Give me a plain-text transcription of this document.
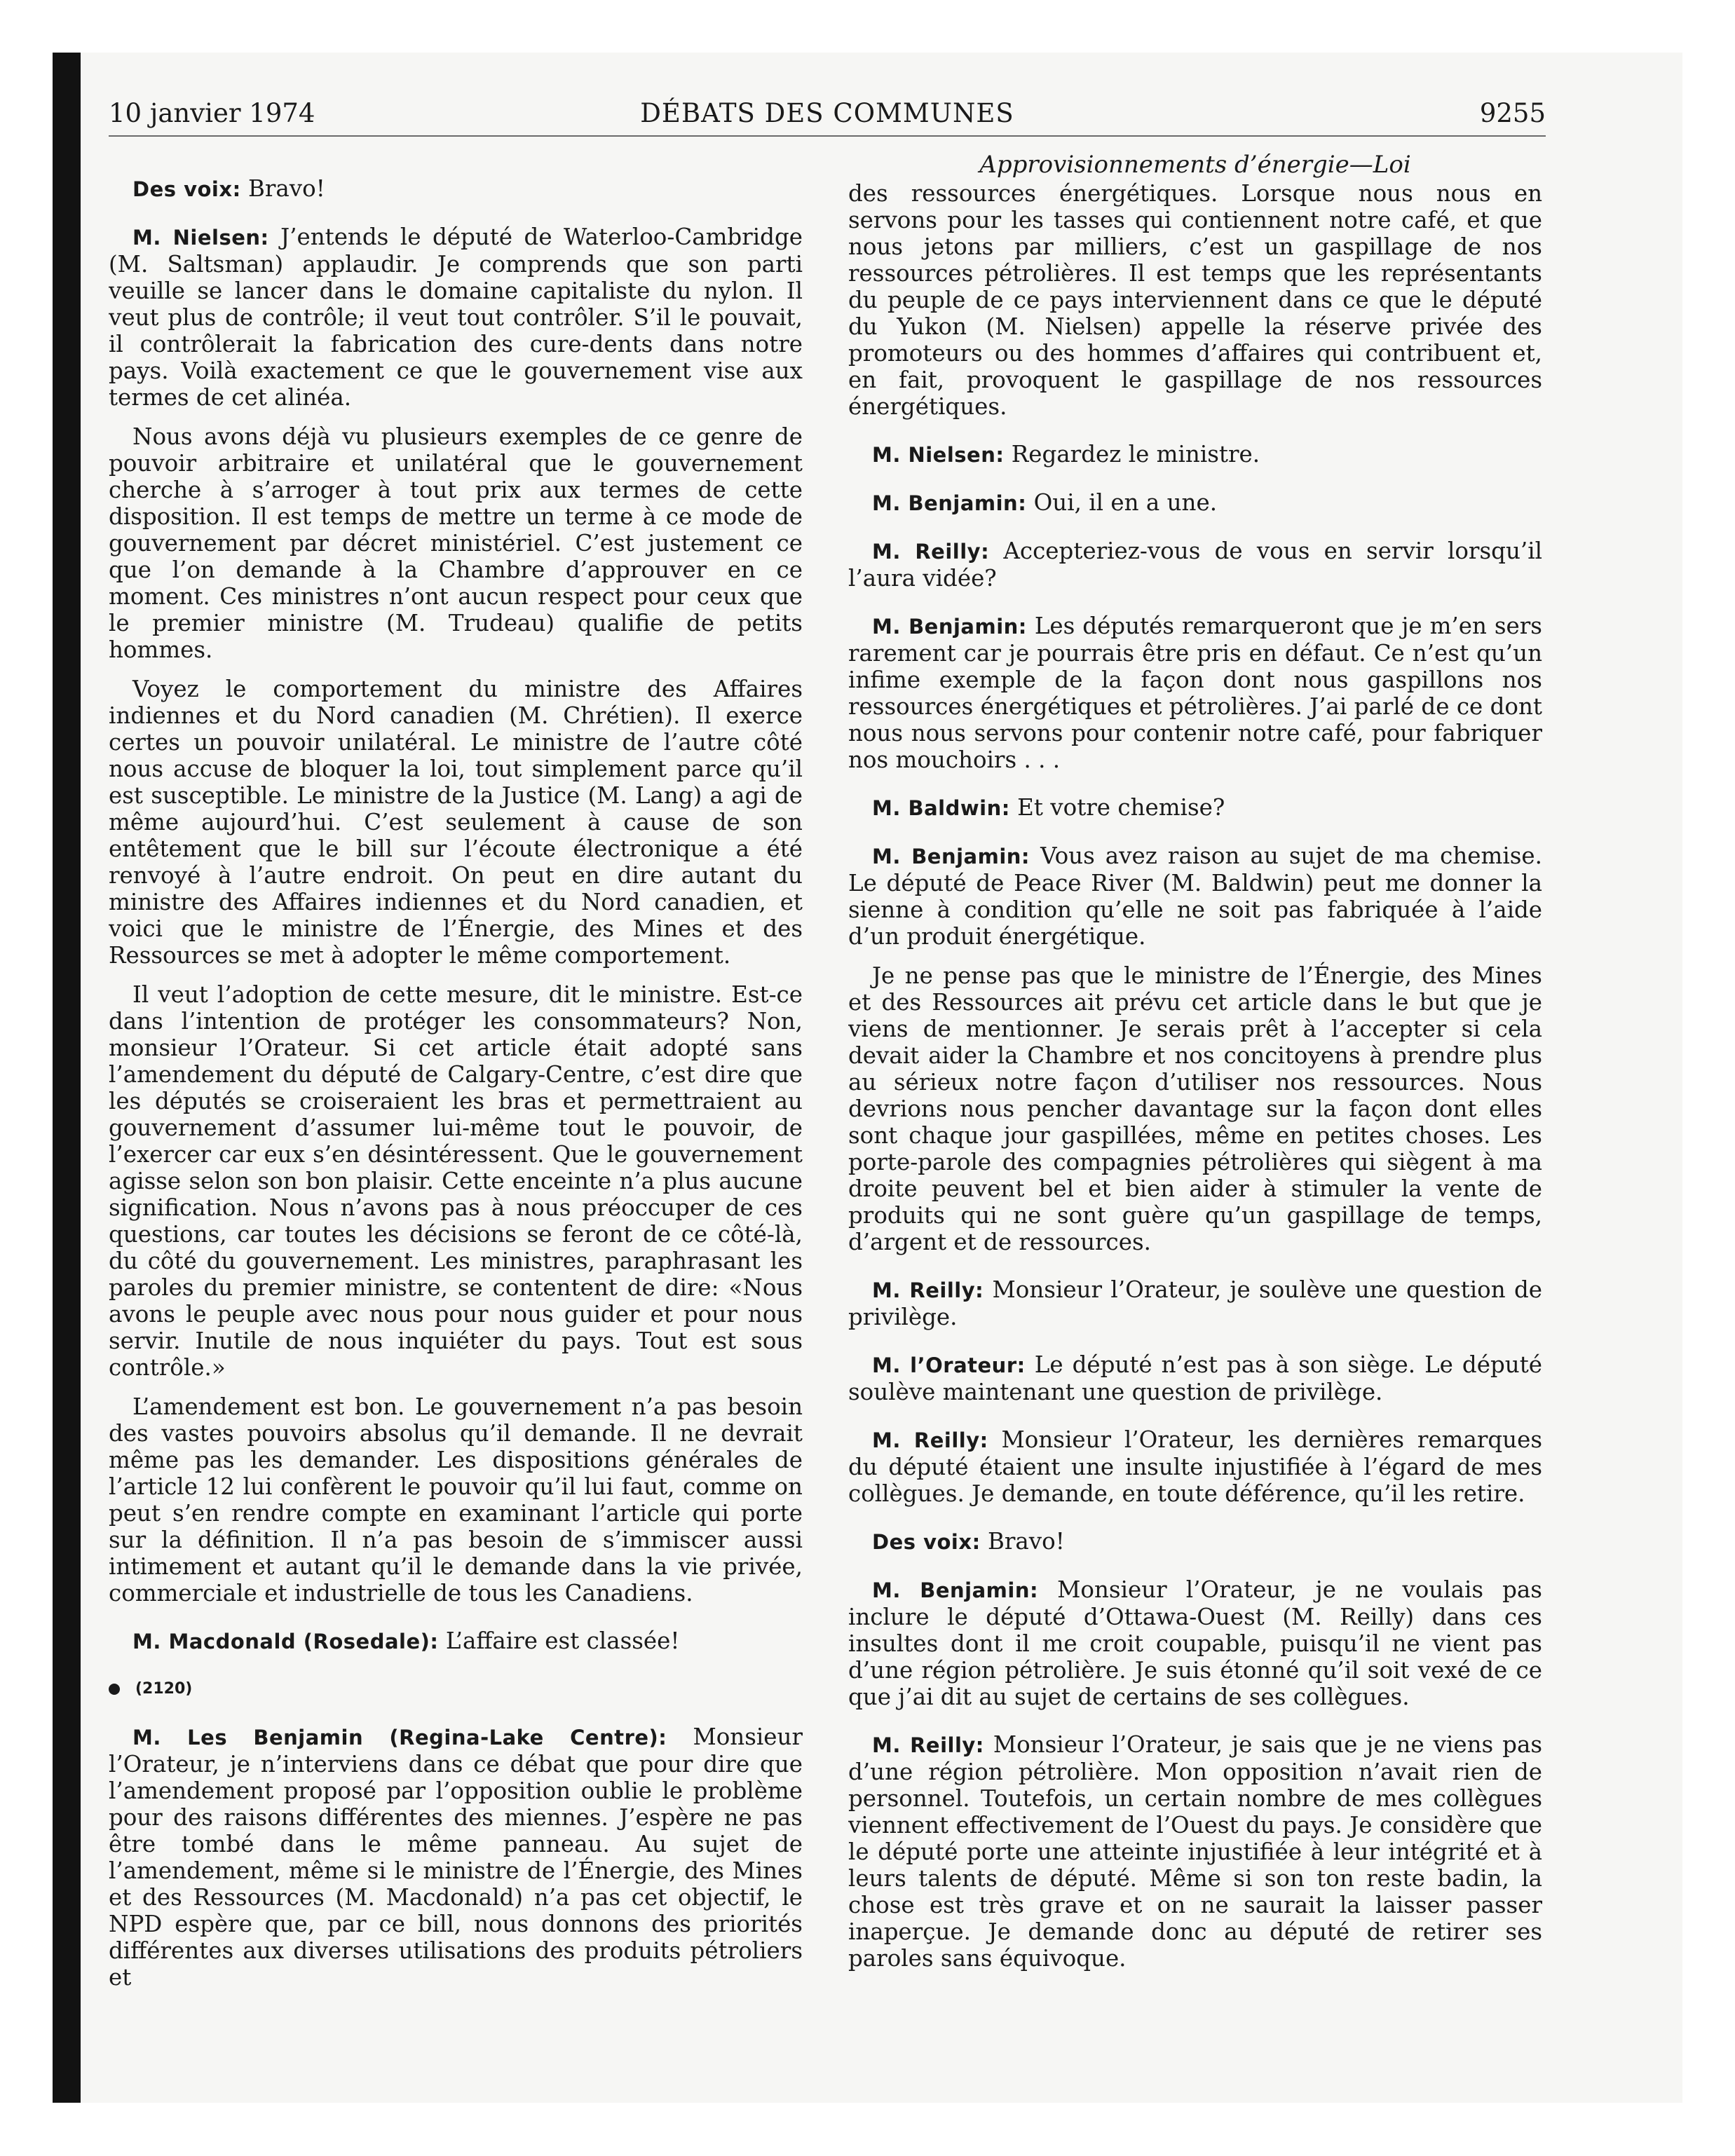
10 janvier 1974	DÉBATS DES COMMUNES	9255

Des voix: Bravo!

M. Nielsen: J’entends le député de Waterloo-Cambridge (M. Saltsman) applaudir. Je comprends que son parti veuille se lancer dans le domaine capitaliste du nylon. Il veut plus de contrôle; il veut tout contrôler. S’il le pouvait, il contrôlerait la fabrication des cure-dents dans notre pays. Voilà exactement ce que le gouvernement vise aux termes de cet alinéa.

Nous avons déjà vu plusieurs exemples de ce genre de pouvoir arbitraire et unilatéral que le gouvernement cherche à s’arroger à tout prix aux termes de cette disposition. Il est temps de mettre un terme à ce mode de gouvernement par décret ministériel. C’est justement ce que l’on demande à la Chambre d’approuver en ce moment. Ces ministres n’ont aucun respect pour ceux que le premier ministre (M. Trudeau) qualifie de petits hommes.

Voyez le comportement du ministre des Affaires indiennes et du Nord canadien (M. Chrétien). Il exerce certes un pouvoir unilatéral. Le ministre de l’autre côté nous accuse de bloquer la loi, tout simplement parce qu’il est susceptible. Le ministre de la Justice (M. Lang) a agi de même aujourd’hui. C’est seulement à cause de son entêtement que le bill sur l’écoute électronique a été renvoyé à l’autre endroit. On peut en dire autant du ministre des Affaires indiennes et du Nord canadien, et voici que le ministre de l’Énergie, des Mines et des Ressources se met à adopter le même comportement.

Il veut l’adoption de cette mesure, dit le ministre. Est-ce dans l’intention de protéger les consommateurs? Non, monsieur l’Orateur. Si cet article était adopté sans l’amendement du député de Calgary-Centre, c’est dire que les députés se croiseraient les bras et permettraient au gouvernement d’assumer lui-même tout le pouvoir, de l’exercer car eux s’en désintéressent. Que le gouvernement agisse selon son bon plaisir. Cette enceinte n’a plus aucune signification. Nous n’avons pas à nous préoccuper de ces questions, car toutes les décisions se feront de ce côté-là, du côté du gouvernement. Les ministres, paraphrasant les paroles du premier ministre, se contentent de dire: «Nous avons le peuple avec nous pour nous guider et pour nous servir. Inutile de nous inquiéter du pays. Tout est sous contrôle.»

L’amendement est bon. Le gouvernement n’a pas besoin des vastes pouvoirs absolus qu’il demande. Il ne devrait même pas les demander. Les dispositions générales de l’article 12 lui confèrent le pouvoir qu’il lui faut, comme on peut s’en rendre compte en examinant l’article qui porte sur la définition. Il n’a pas besoin de s’immiscer aussi intimement et autant qu’il le demande dans la vie privée, commerciale et industrielle de tous les Canadiens.

M. Macdonald (Rosedale): L’affaire est classée!

(2120)

M. Les Benjamin (Regina-Lake Centre): Monsieur l’Orateur, je n’interviens dans ce débat que pour dire que l’amendement proposé par l’opposition oublie le problème pour des raisons différentes des miennes. J’espère ne pas être tombé dans le même panneau. Au sujet de l’amendement, même si le ministre de l’Énergie, des Mines et des Ressources (M. Macdonald) n’a pas cet objectif, le NPD espère que, par ce bill, nous donnons des priorités différentes aux diverses utilisations des produits pétroliers et

Approvisionnements d’énergie—Loi

des ressources énergétiques. Lorsque nous nous en servons pour les tasses qui contiennent notre café, et que nous jetons par milliers, c’est un gaspillage de nos ressources pétrolières. Il est temps que les représentants du peuple de ce pays interviennent dans ce que le député du Yukon (M. Nielsen) appelle la réserve privée des promoteurs ou des hommes d’affaires qui contribuent et, en fait, provoquent le gaspillage de nos ressources énergétiques.

M. Nielsen: Regardez le ministre.

M. Benjamin: Oui, il en a une.

M. Reilly: Accepteriez-vous de vous en servir lorsqu’il l’aura vidée?

M. Benjamin: Les députés remarqueront que je m’en sers rarement car je pourrais être pris en défaut. Ce n’est qu’un infime exemple de la façon dont nous gaspillons nos ressources énergétiques et pétrolières. J’ai parlé de ce dont nous nous servons pour contenir notre café, pour fabriquer nos mouchoirs . . .

M. Baldwin: Et votre chemise?

M. Benjamin: Vous avez raison au sujet de ma chemise. Le député de Peace River (M. Baldwin) peut me donner la sienne à condition qu’elle ne soit pas fabriquée à l’aide d’un produit énergétique.

Je ne pense pas que le ministre de l’Énergie, des Mines et des Ressources ait prévu cet article dans le but que je viens de mentionner. Je serais prêt à l’accepter si cela devait aider la Chambre et nos concitoyens à prendre plus au sérieux notre façon d’utiliser nos ressources. Nous devrions nous pencher davantage sur la façon dont elles sont chaque jour gaspillées, même en petites choses. Les porte-parole des compagnies pétrolières qui siègent à ma droite peuvent bel et bien aider à stimuler la vente de produits qui ne sont guère qu’un gaspillage de temps, d’argent et de ressources.

M. Reilly: Monsieur l’Orateur, je soulève une question de privilège.

M. l’Orateur: Le député n’est pas à son siège. Le député soulève maintenant une question de privilège.

M. Reilly: Monsieur l’Orateur, les dernières remarques du député étaient une insulte injustifiée à l’égard de mes collègues. Je demande, en toute déférence, qu’il les retire.

Des voix: Bravo!

M. Benjamin: Monsieur l’Orateur, je ne voulais pas inclure le député d’Ottawa-Ouest (M. Reilly) dans ces insultes dont il me croit coupable, puisqu’il ne vient pas d’une région pétrolière. Je suis étonné qu’il soit vexé de ce que j’ai dit au sujet de certains de ses collègues.

M. Reilly: Monsieur l’Orateur, je sais que je ne viens pas d’une région pétrolière. Mon opposition n’avait rien de personnel. Toutefois, un certain nombre de mes collègues viennent effectivement de l’Ouest du pays. Je considère que le député porte une atteinte injustifiée à leur intégrité et à leurs talents de député. Même si son ton reste badin, la chose est très grave et on ne saurait la laisser passer inaperçue. Je demande donc au député de retirer ses paroles sans équivoque.
